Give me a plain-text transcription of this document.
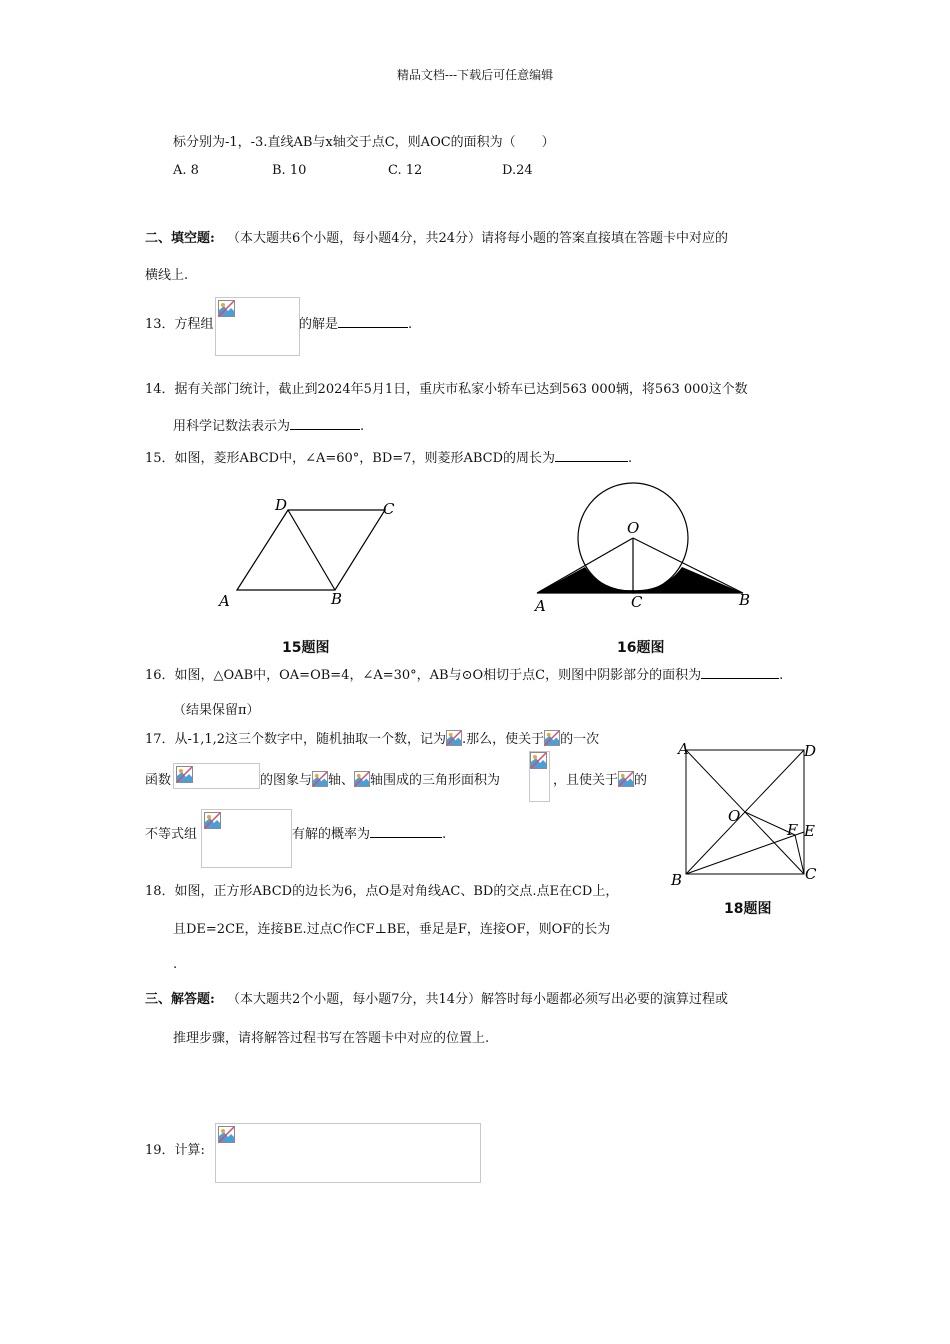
精品文档---下载后可任意编辑
标分别为-1，-3.直线AB与x轴交于点C，则AOC的面积为（　　）
A. 8	B. 10	C. 12	D.24
二、填空题: （本大题共6个小题，每小题4分，共24分）请将每小题的答案直接填在答题卡中对应的
横线上.
13．方程组	的解是	.
14．据有关部门统计，截止到2024年5月1日，重庆市私家小轿车已达到563 000辆，将563 000这个数
用科学记数法表示为	.
15．如图，菱形ABCD中，∠A=60°，BD=7，则菱形ABCD的周长为	.
A	B
C
D
15题图
O
A	C	B
16题图
16．如图，△OAB中，OA=OB=4，∠A=30°，AB与⊙O相切于点C，则图中阴影部分的面积为	.
（结果保留π）
17．从-1,1,2这三个数字中，随机抽取一个数，记为 .那么，使关于 的一次
函数	的图象与 轴、 轴围成的三角形面积为	，且使关于 的
不等式组	有解的概率为	.
A	D
B	C
O
F E
18题图
18．如图，正方形ABCD的边长为6，点O是对角线AC、BD的交点.点E在CD上，
且DE=2CE，连接BE.过点C作CF⊥BE，垂足是F，连接OF，则OF的长为
.
三、解答题: （本大题共2个小题，每小题7分，共14分）解答时每小题都必须写出必要的演算过程或
推理步骤，请将解答过程书写在答题卡中对应的位置上.
19．计算:
